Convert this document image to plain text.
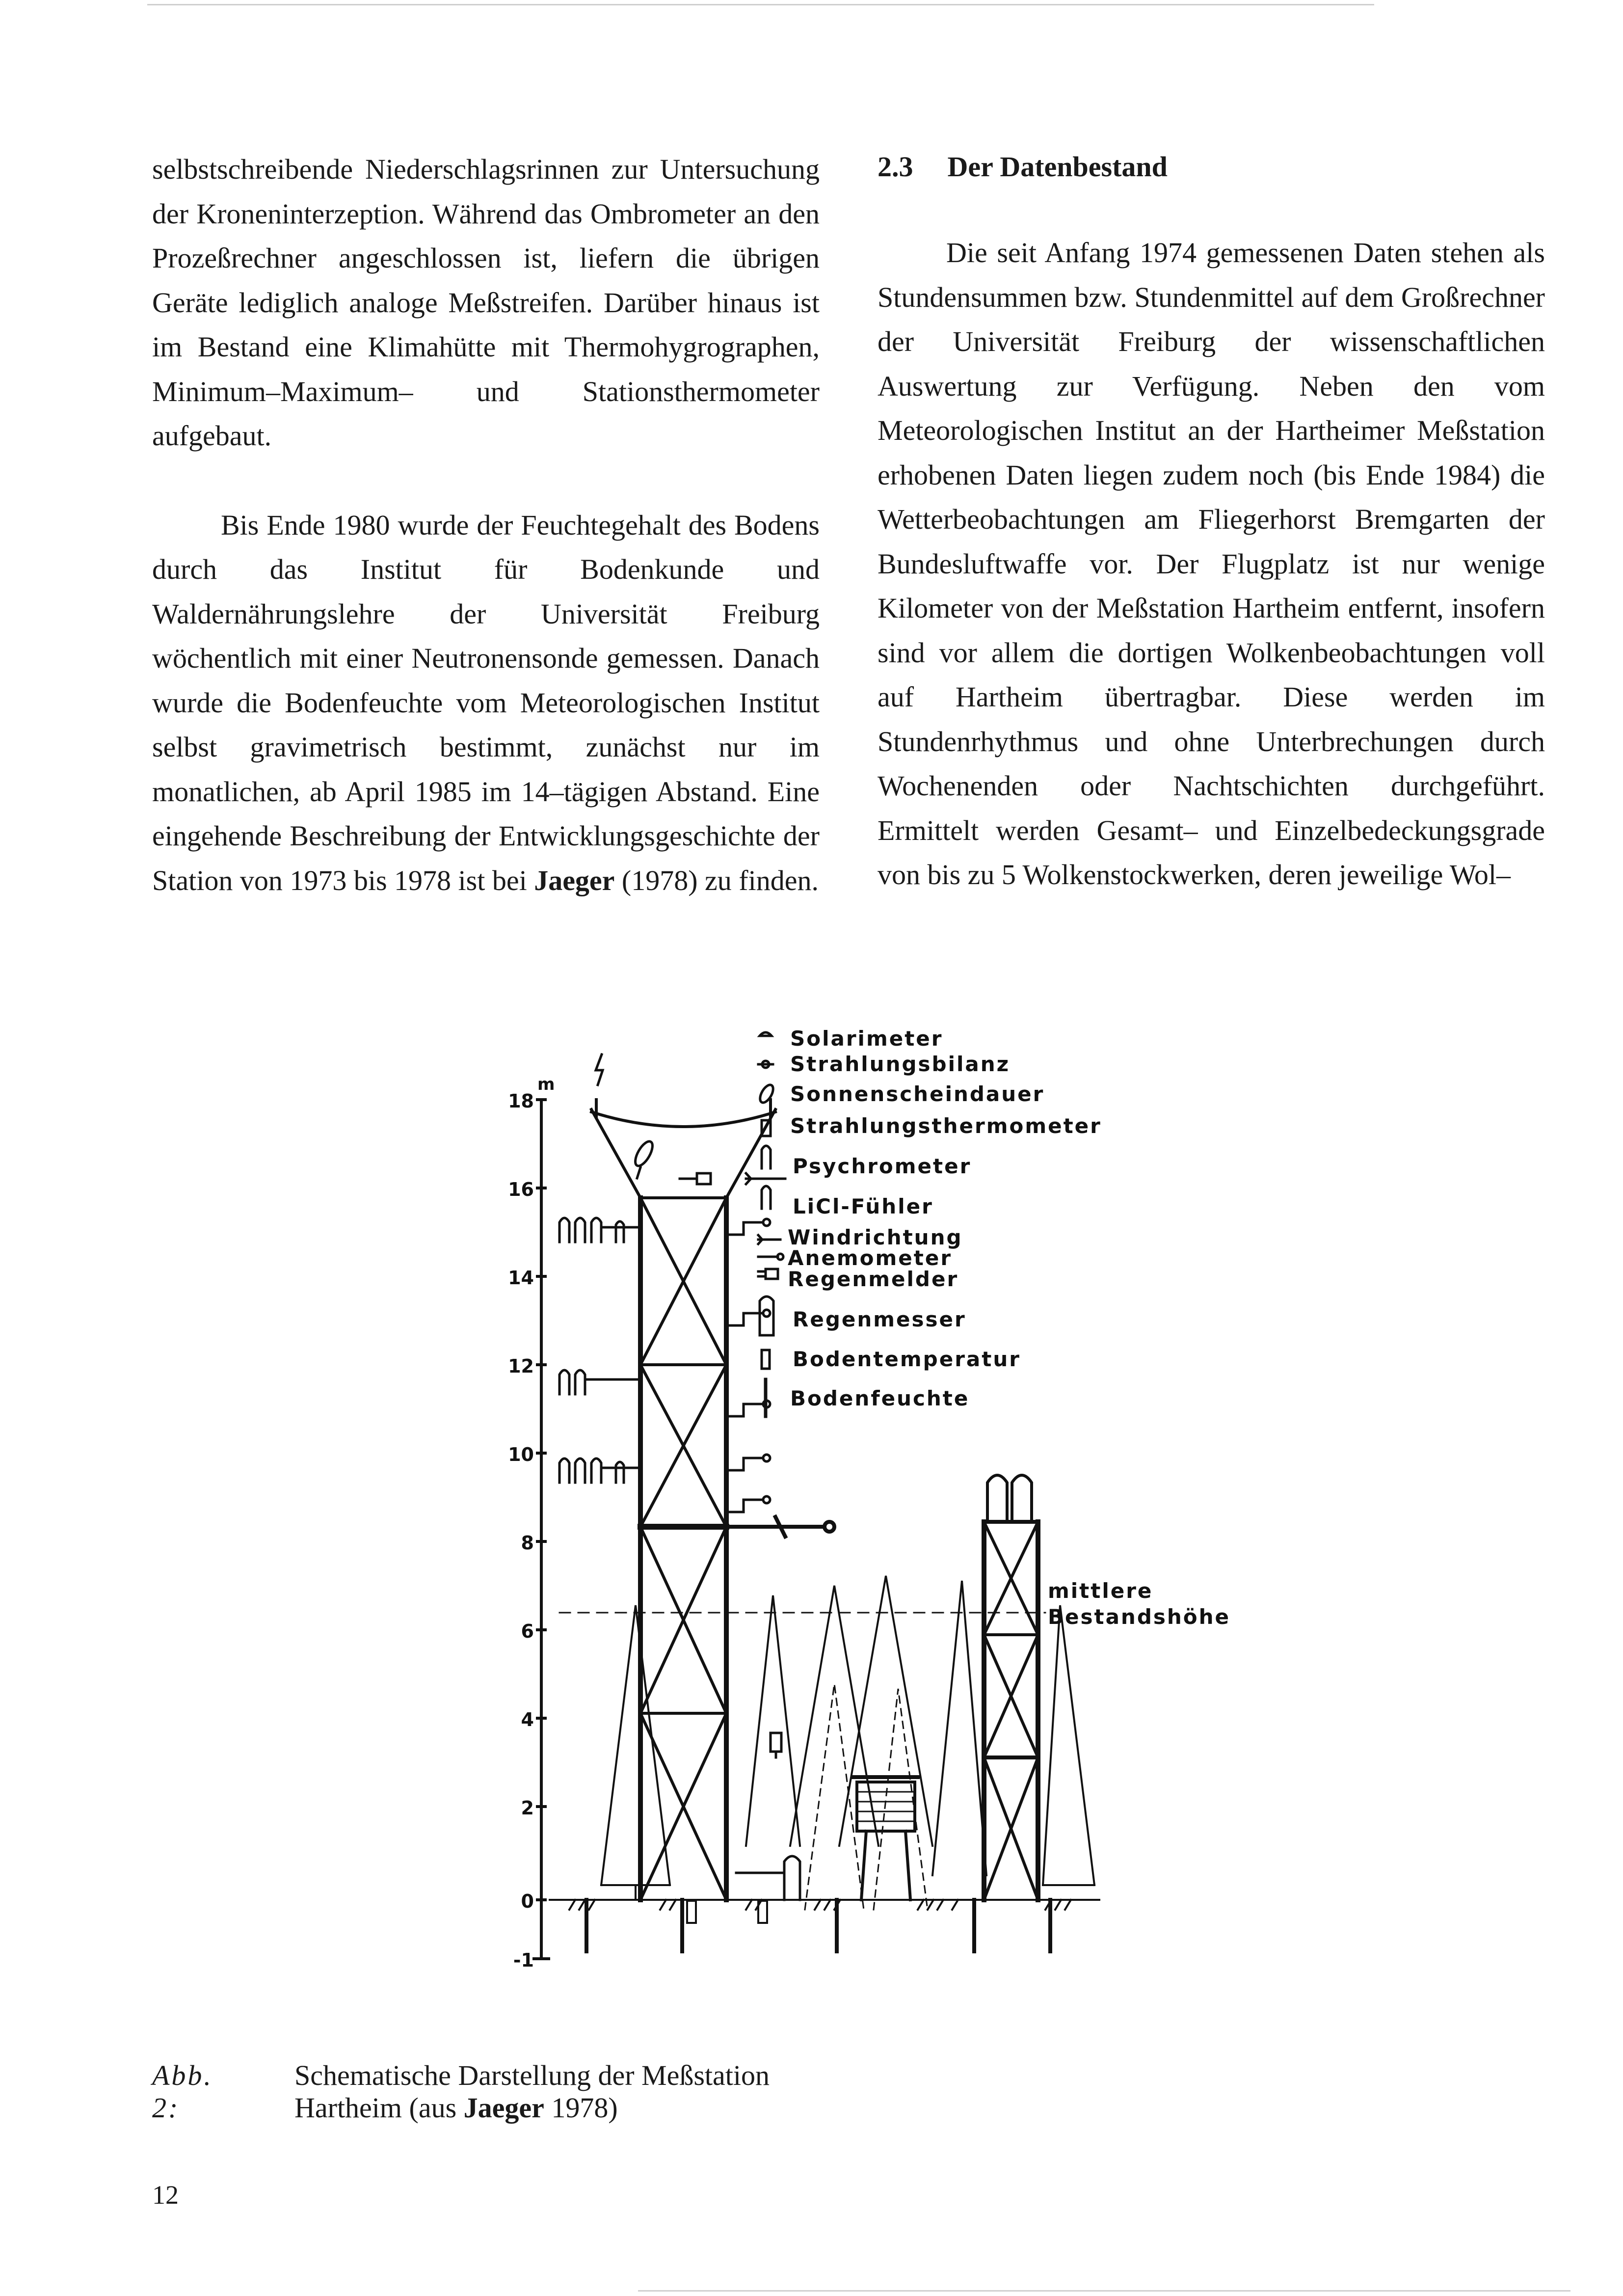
selbstschreibende Niederschlagsrinnen zur Untersuchung der Kroneninterzeption. Während das Ombrometer an den Prozeßrechner angeschlossen ist, liefern die übrigen Geräte lediglich analoge Meßstreifen. Darüber hinaus ist im Bestand eine Klimahütte mit Thermohygrographen, Minimum–Maximum– und Stationsthermometer aufgebaut.

Bis Ende 1980 wurde der Feuchtegehalt des Bodens durch das Institut für Bodenkunde und Waldernährungslehre der Universität Freiburg wöchentlich mit einer Neutronensonde gemessen. Danach wurde die Bodenfeuchte vom Meteorologischen Institut selbst gravimetrisch bestimmt, zunächst nur im monatlichen, ab April 1985 im 14–tägigen Abstand. Eine eingehende Beschreibung der Entwicklungsgeschichte der Station von 1973 bis 1978 ist bei Jaeger (1978) zu finden.

2.3 Der Datenbestand

Die seit Anfang 1974 gemessenen Daten stehen als Stundensummen bzw. Stundenmittel auf dem Großrechner der Universität Freiburg der wissenschaftlichen Auswertung zur Verfügung. Neben den vom Meteorologischen Institut an der Hartheimer Meßstation erhobenen Daten liegen zudem noch (bis Ende 1984) die Wetterbeobachtungen am Fliegerhorst Bremgarten der Bundesluftwaffe vor. Der Flugplatz ist nur wenige Kilometer von der Meßstation Hartheim entfernt, insofern sind vor allem die dortigen Wolkenbeobachtungen voll auf Hartheim übertragbar. Diese werden im Stundenrhythmus und ohne Unterbrechungen durch Wochenenden oder Nachtschichten durchgeführt. Ermittelt werden Gesamt– und Einzelbedeckungsgrade von bis zu 5 Wolkenstockwerken, deren jeweilige Wol–

18
16
14
12
10
8
6
4
2
0
-1
m
Solarimeter
Strahlungsbilanz
Sonnenscheindauer
Strahlungsthermometer
Psychrometer
LiCl-Fühler
Windrichtung
Anemometer
Regenmelder
Regenmesser
Bodentemperatur
Bodenfeuchte
mittlere
Bestandshöhe
Abb. 2:
Schematische Darstellung der Meßstation Hartheim (aus Jaeger 1978)
12
